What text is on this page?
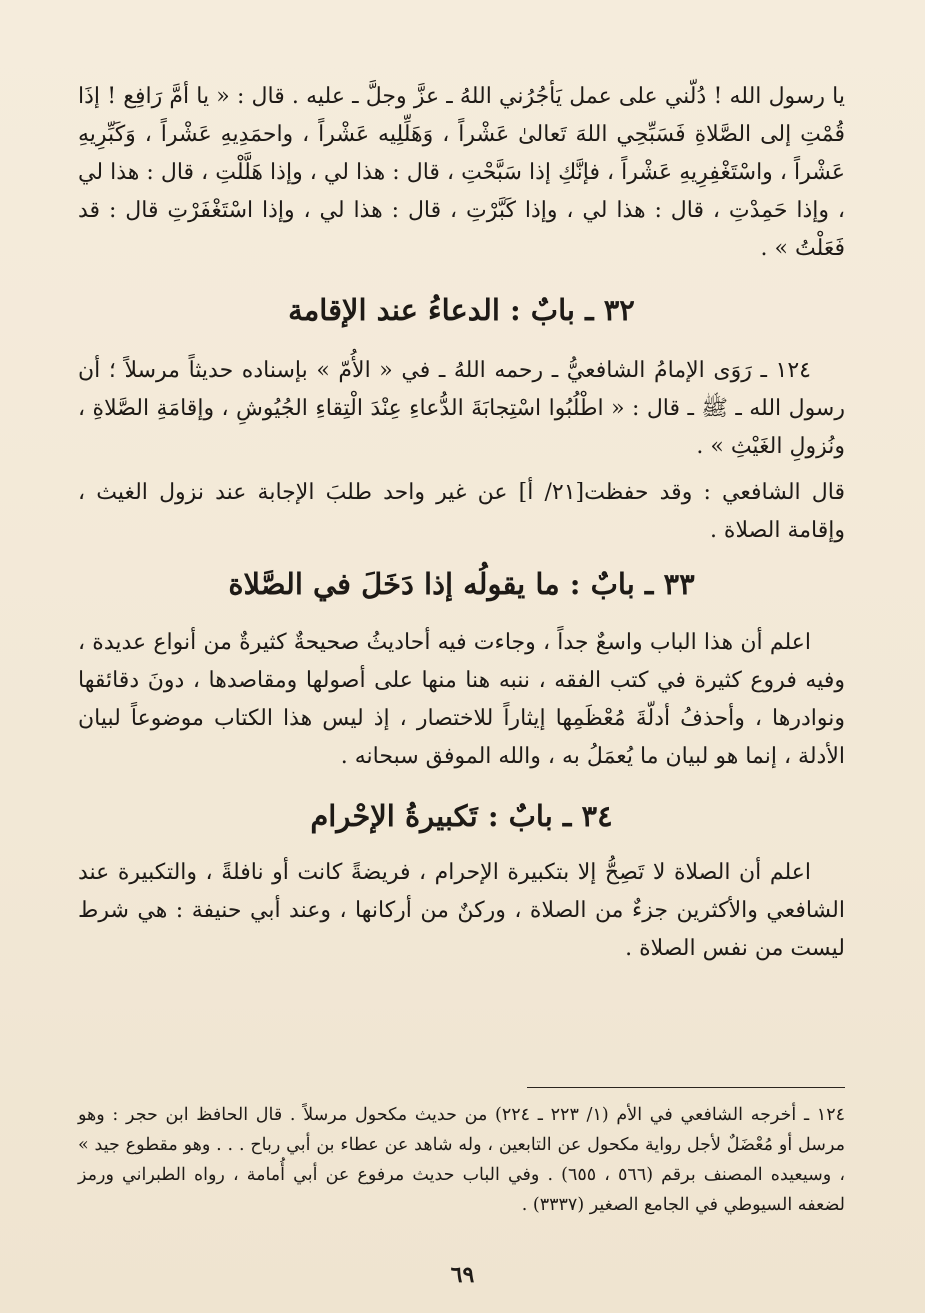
يا رسول الله ! دُلّني على عمل يَأجُرُني اللهُ ـ عزَّ وجلَّ ـ عليه . قال : « يا أمَّ رَافِع ! إذَا قُمْتِ إلى الصَّلاةِ فَسَبِّحِي اللهَ تَعالىٰ عَشْراً ، وَهَلِّلِيه عَشْراً ، واحمَدِيهِ عَشْراً ، وَكَبِّرِيهِ عَشْراً ، واسْتَغْفِرِيهِ عَشْراً ، فإنَّكِ إذا سَبَّحْتِ ، قال : هذا لي ، وإذا هَلَّلْتِ ، قال : هذا لي ، وإذا حَمِدْتِ ، قال : هذا لي ، وإذا كَبَّرْتِ ، قال : هذا لي ، وإذا اسْتَغْفَرْتِ قال : قد فَعَلْتُ » .

٣٢ ـ بابٌ : الدعاءُ عند الإقامة

١٢٤ ـ رَوَى الإمامُ الشافعيُّ ـ رحمه اللهُ ـ في « الأُمّ » بإسناده حديثاً مرسلاً ؛ أن رسول الله ـ ﷺ ـ قال : « اطْلُبُوا اسْتِجابَةَ الدُّعاءِ عِنْدَ الْتِقاءِ الجُيُوشِ ، وإقامَةِ الصَّلاةِ ، ونُزولِ الغَيْثِ » .

قال الشافعي : وقد حفظت[٢١/ أ] عن غير واحد طلبَ الإجابة عند نزول الغيث ، وإقامة الصلاة .

٣٣ ـ بابٌ : ما يقولُه إذا دَخَلَ في الصَّلاة

اعلم أن هذا الباب واسعٌ جداً ، وجاءت فيه أحاديثُ صحيحةٌ كثيرةٌ من أنواع عديدة ، وفيه فروع كثيرة في كتب الفقه ، ننبه هنا منها على أصولها ومقاصدها ، دونَ دقائقها ونوادرها ، وأحذفُ أدلّةَ مُعْظَمِها إيثاراً للاختصار ، إذ ليس هذا الكتاب موضوعاً لبيان الأدلة ، إنما هو لبيان ما يُعمَلُ به ، والله الموفق سبحانه .

٣٤ ـ بابٌ : تَكبيرةُ الإحْرام

اعلم أن الصلاة لا تَصِحُّ إلا بتكبيرة الإحرام ، فريضةً كانت أو نافلةً ، والتكبيرة عند الشافعي والأكثرين جزءٌ من الصلاة ، وركنٌ من أركانها ، وعند أبي حنيفة : هي شرط ليست من نفس الصلاة .

١٢٤ ـ أخرجه الشافعي في الأم (١/ ٢٢٣ ـ ٢٢٤) من حديث مكحول مرسلاً . قال الحافظ ابن حجر : وهو مرسل أو مُعْضَلٌ لأجل رواية مكحول عن التابعين ، وله شاهد عن عطاء بن أبي رباح . . . وهو مقطوع جيد » ، وسيعيده المصنف برقم (٥٦٦ ، ٦٥٥) . وفي الباب حديث مرفوع عن أبي أُمامة ، رواه الطبراني ورمز لضعفه السيوطي في الجامع الصغير (٣٣٣٧) .

٦٩
